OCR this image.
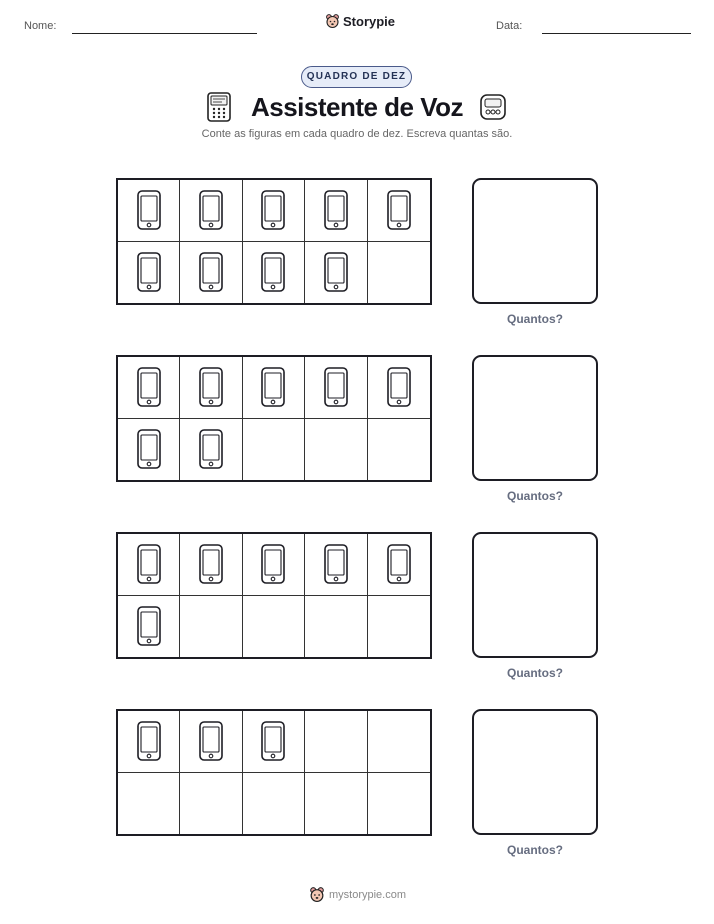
Nome:	Storypie	Data:
QUADRO DE DEZ
Assistente de Voz
Conte as figuras em cada quadro de dez. Escreva quantas são.
Quantos?
Quantos?
Quantos?
Quantos?
mystorypie.com
